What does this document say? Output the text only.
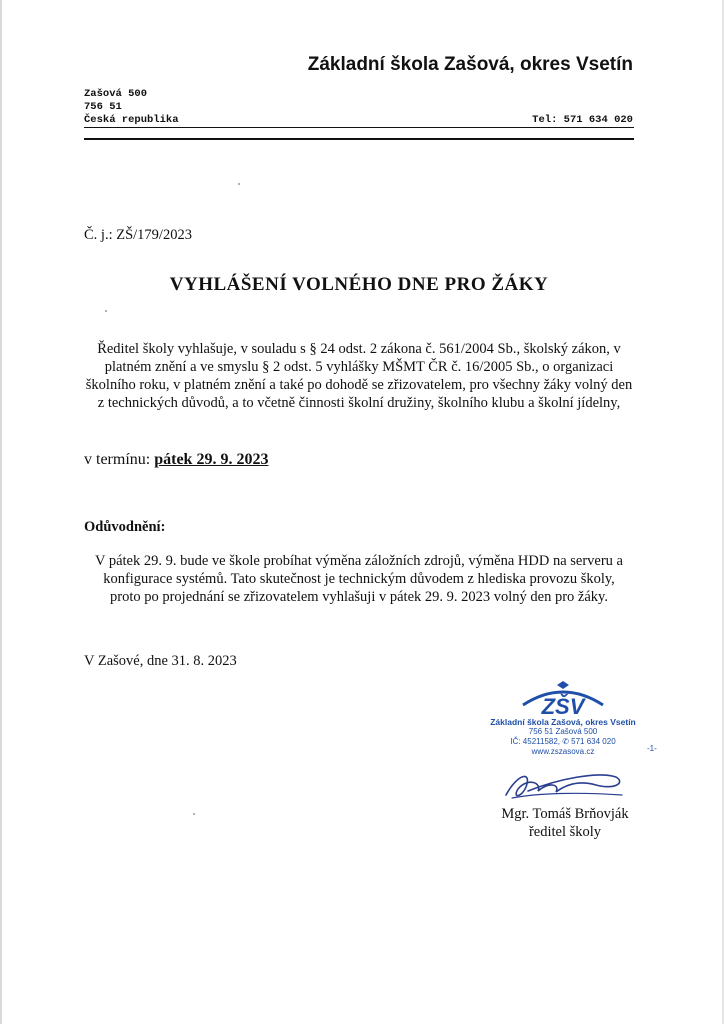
Základní škola Zašová, okres Vsetín
Zašová 500
756 51
Česká republika	Tel: 571 634 020
Č. j.: ZŠ/179/2023
VYHLÁŠENÍ VOLNÉHO DNE PRO ŽÁKY
Ředitel školy vyhlašuje, v souladu s § 24 odst. 2 zákona č. 561/2004 Sb., školský zákon, v
platném znění a ve smyslu § 2 odst. 5 vyhlášky MŠMT ČR č. 16/2005 Sb., o organizaci
školního roku, v platném znění a také po dohodě se zřizovatelem, pro všechny žáky volný den
z technických důvodů, a to včetně činnosti školní družiny, školního klubu a školní jídelny,
v termínu: pátek 29. 9. 2023
Odůvodnění:
V pátek 29. 9. bude ve škole probíhat výměna záložních zdrojů, výměna HDD na serveru a
konfigurace systémů. Tato skutečnost je technickým důvodem z hlediska provozu školy,
proto po projednání se zřizovatelem vyhlašuji v pátek 29. 9. 2023 volný den pro žáky.
V Zašové, dne 31. 8. 2023
ZŠV
Základní škola Zašová, okres Vsetín
756 51 Zašová 500
IČ: 45211582, ✆ 571 634 020
www.zszasova.cz	-1-
Mgr. Tomáš Brňovják
ředitel školy
